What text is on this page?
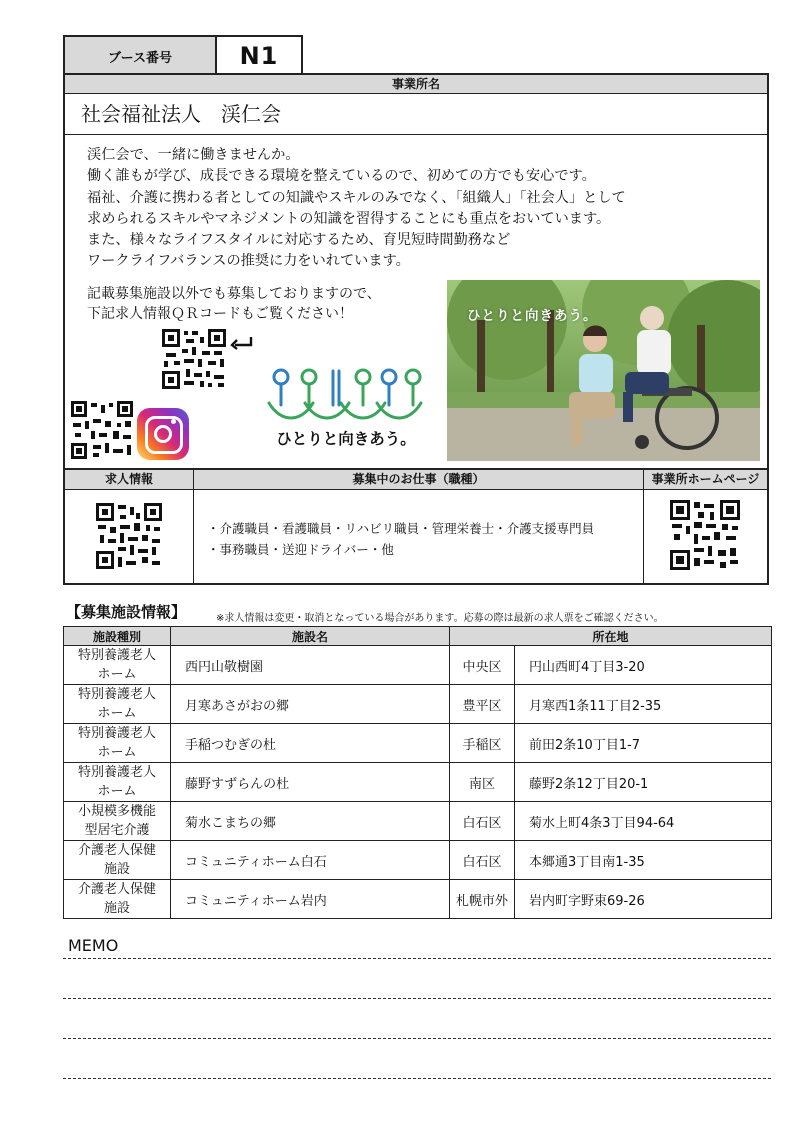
ブース番号	N1
事業所名
社会福祉法人　渓仁会
渓仁会で、一緒に働きませんか。
働く誰もが学び、成長できる環境を整えているので、初めての方でも安心です。
福祉、介護に携わる者としての知識やスキルのみでなく、「組織人」「社会人」として
求められるスキルやマネジメントの知識を習得することにも重点をおいています。
また、様々なライフスタイルに対応するため、育児短時間勤務など
ワークライフバランスの推奨に力をいれています。
記載募集施設以外でも募集しておりますので、
下記求人情報ＱＲコードもご覧ください！
ひとりと向きあう。
ひとりと向きあう。
求人情報	募集中のお仕事（職種）	事業所ホームページ
・介護職員・看護職員・リハビリ職員・管理栄養士・介護支援専門員
・事務職員・送迎ドライバー・他
【募集施設情報】	※求人情報は変更・取消となっている場合があります。応募の際は最新の求人票をご確認ください。
施設種別	施設名	所在地	

特別養護老人
ホーム	西円山敬樹園	中央区	円山西町4丁目3-20

特別養護老人
ホーム	月寒あさがおの郷	豊平区	月寒西1条11丁目2-35

特別養護老人
ホーム	手稲つむぎの杜	手稲区	前田2条10丁目1-7

特別養護老人
ホーム	藤野すずらんの杜	南区	藤野2条12丁目20-1

小規模多機能
型居宅介護	菊水こまちの郷	白石区	菊水上町4条3丁目94-64

介護老人保健
施設	コミュニティホーム白石	白石区	本郷通3丁目南1-35

介護老人保健
施設	コミュニティホーム岩内	札幌市外	岩内町字野束69-26
MEMO
